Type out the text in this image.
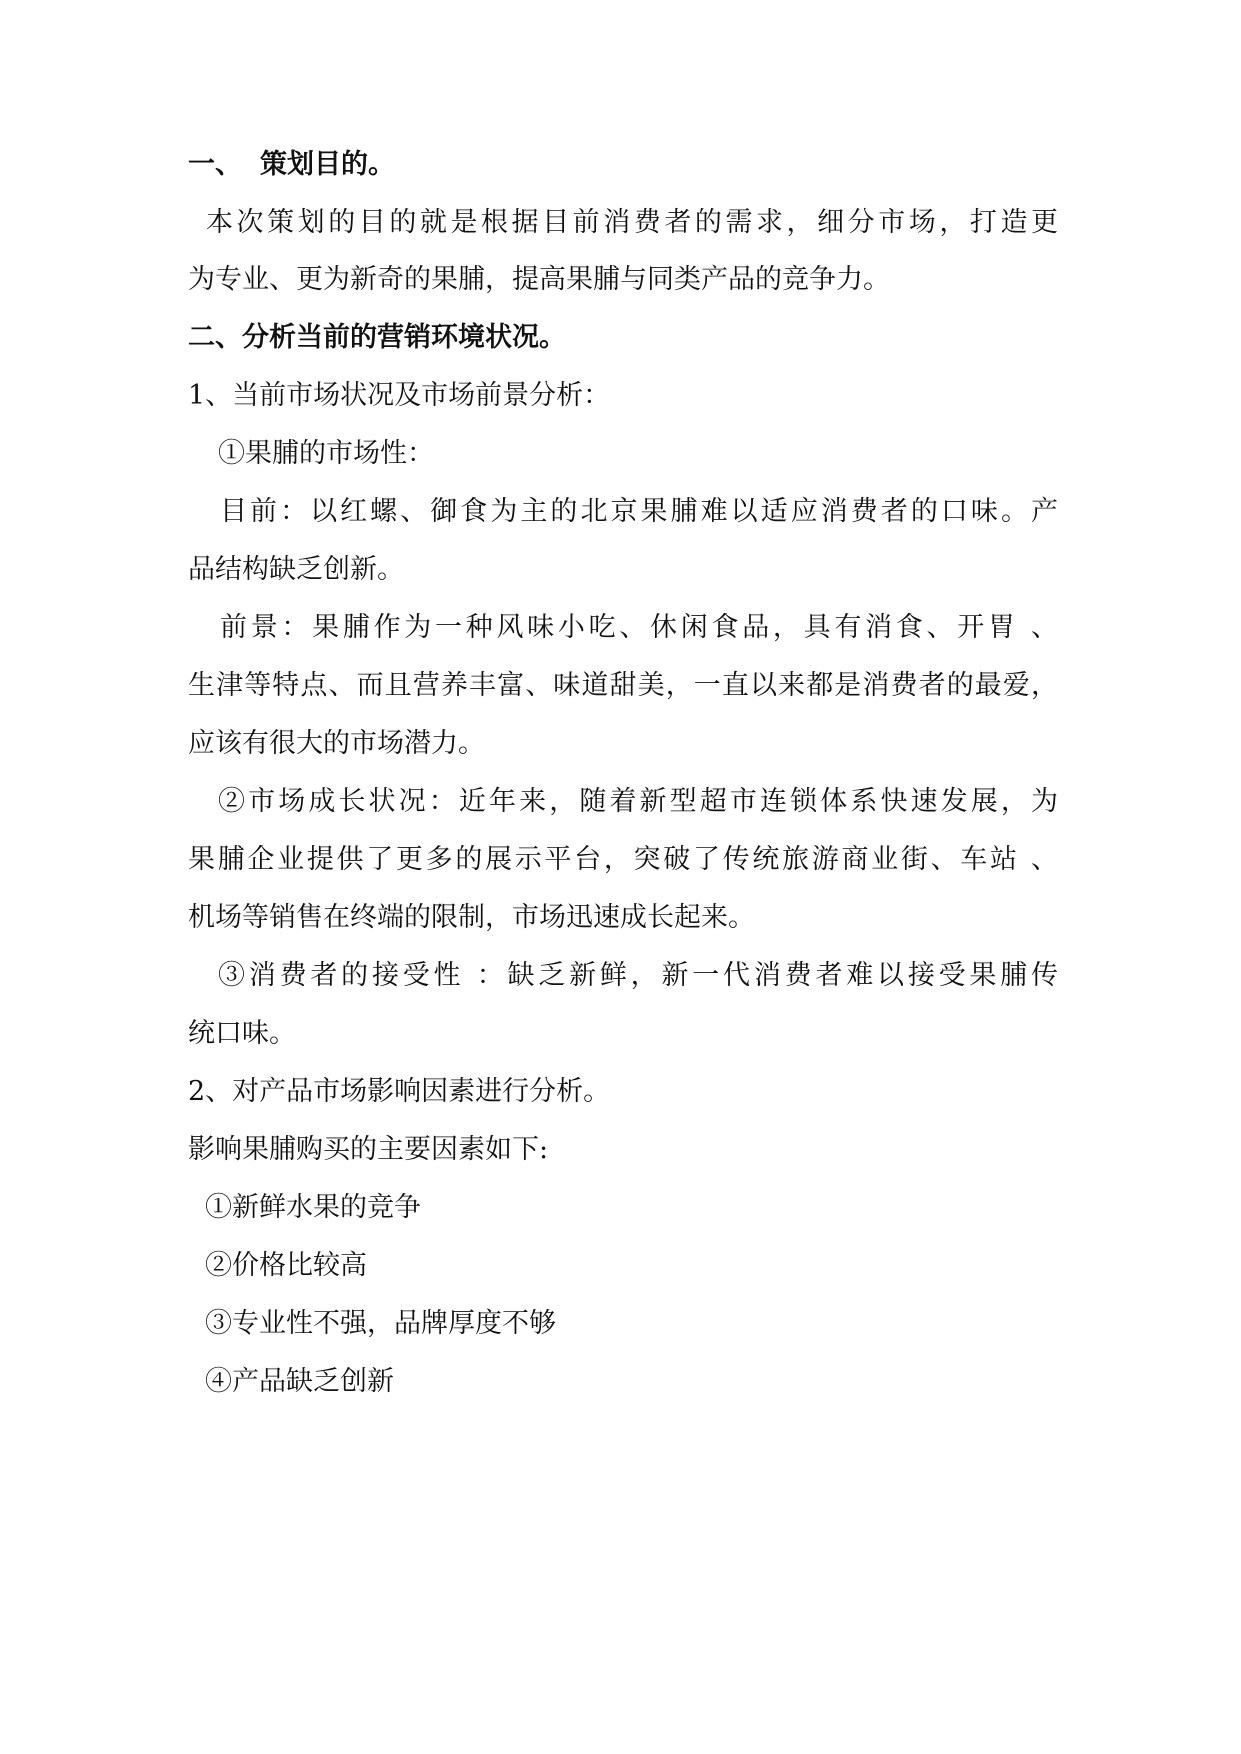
一、 策划目的。
本次策划的目的就是根据目前消费者的需求，细分市场，打造更
为专业、更为新奇的果脯，提高果脯与同类产品的竞争力。
二、分析当前的营销环境状况。
1、当前市场状况及市场前景分析：
①果脯的市场性：
目前：以红螺、御食为主的北京果脯难以适应消费者的口味。产
品结构缺乏创新。
前景：果脯作为一种风味小吃、休闲食品，具有消食、开胃 、
生津等特点、而且营养丰富、味道甜美，一直以来都是消费者的最爱，
应该有很大的市场潜力。
②市场成长状况：近年来，随着新型超市连锁体系快速发展，为
果脯企业提供了更多的展示平台，突破了传统旅游商业街、车站 、
机场等销售在终端的限制，市场迅速成长起来。
③消费者的接受性 ：缺乏新鲜，新一代消费者难以接受果脯传
统口味。
2、对产品市场影响因素进行分析。
影响果脯购买的主要因素如下:
①新鲜水果的竞争
②价格比较高
③专业性不强，品牌厚度不够
④产品缺乏创新
